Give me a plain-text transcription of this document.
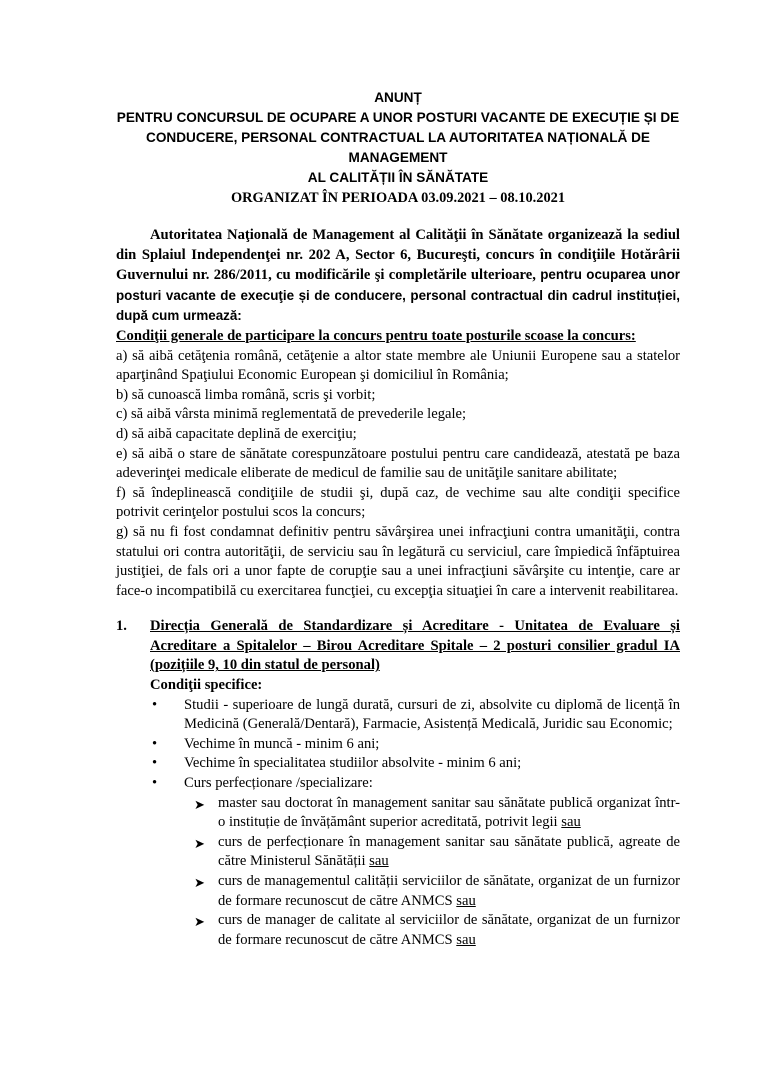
ANUNȚ
PENTRU CONCURSUL DE OCUPARE A UNOR POSTURI VACANTE DE EXECUȚIE ȘI DE
CONDUCERE, PERSONAL CONTRACTUAL LA AUTORITATEA NAȚIONALĂ DE MANAGEMENT
AL CALITĂȚII ÎN SĂNĂTATE
ORGANIZAT ÎN PERIOADA 03.09.2021 – 08.10.2021
Autoritatea Naţională de Management al Calităţii în Sănătate organizează la sediul din Splaiul Independenţei nr. 202 A, Sector 6, Bucureşti, concurs în condiţiile Hotărârii Guvernului nr. 286/2011, cu modificările şi completările ulterioare, pentru ocuparea unor posturi vacante de execuţie și de conducere, personal contractual din cadrul instituției, după cum urmează:
Condiţii generale de participare la concurs pentru toate posturile scoase la concurs:
a) să aibă cetăţenia română, cetăţenie a altor state membre ale Uniunii Europene sau a statelor aparţinând Spaţiului Economic European şi domiciliul în România;
b) să cunoască limba română, scris şi vorbit;
c) să aibă vârsta minimă reglementată de prevederile legale;
d) să aibă capacitate deplină de exerciţiu;
e) să aibă o stare de sănătate corespunzătoare postului pentru care candidează, atestată pe baza adeverinţei medicale eliberate de medicul de familie sau de unităţile sanitare abilitate;
f) să îndeplinească condiţiile de studii şi, după caz, de vechime sau alte condiţii specifice potrivit cerinţelor postului scos la concurs;
g) să nu fi fost condamnat definitiv pentru săvârşirea unei infracţiuni contra umanităţii, contra statului ori contra autorităţii, de serviciu sau în legătură cu serviciul, care împiedică înfăptuirea justiţiei, de fals ori a unor fapte de corupţie sau a unei infracţiuni săvârşite cu intenţie, care ar face-o incompatibilă cu exercitarea funcţiei, cu excepţia situaţiei în care a intervenit reabilitarea.
1.	Direcția Generală de Standardizare și Acreditare - Unitatea de Evaluare și Acreditare a Spitalelor – Birou Acreditare Spitale – 2 posturi consilier gradul IA (pozițiile 9, 10 din statul de personal)
Condiţii specifice:
• Studii - superioare de lungă durată, cursuri de zi, absolvite cu diplomă de licență în Medicină (Generală/Dentară), Farmacie, Asistență Medicală, Juridic sau Economic;
• Vechime în muncă - minim 6 ani;
• Vechime în specialitatea studiilor absolvite - minim 6 ani;
• Curs perfecționare /specializare:
➤ master sau doctorat în management sanitar sau sănătate publică organizat într-o instituție de învățământ superior acreditată, potrivit legii sau
➤ curs de perfecționare în management sanitar sau sănătate publică, agreate de către Ministerul Sănătății sau
➤ curs de managementul calității serviciilor de sănătate, organizat de un furnizor de formare recunoscut de către ANMCS sau
➤ curs de manager de calitate al serviciilor de sănătate, organizat de un furnizor de formare recunoscut de către ANMCS sau
